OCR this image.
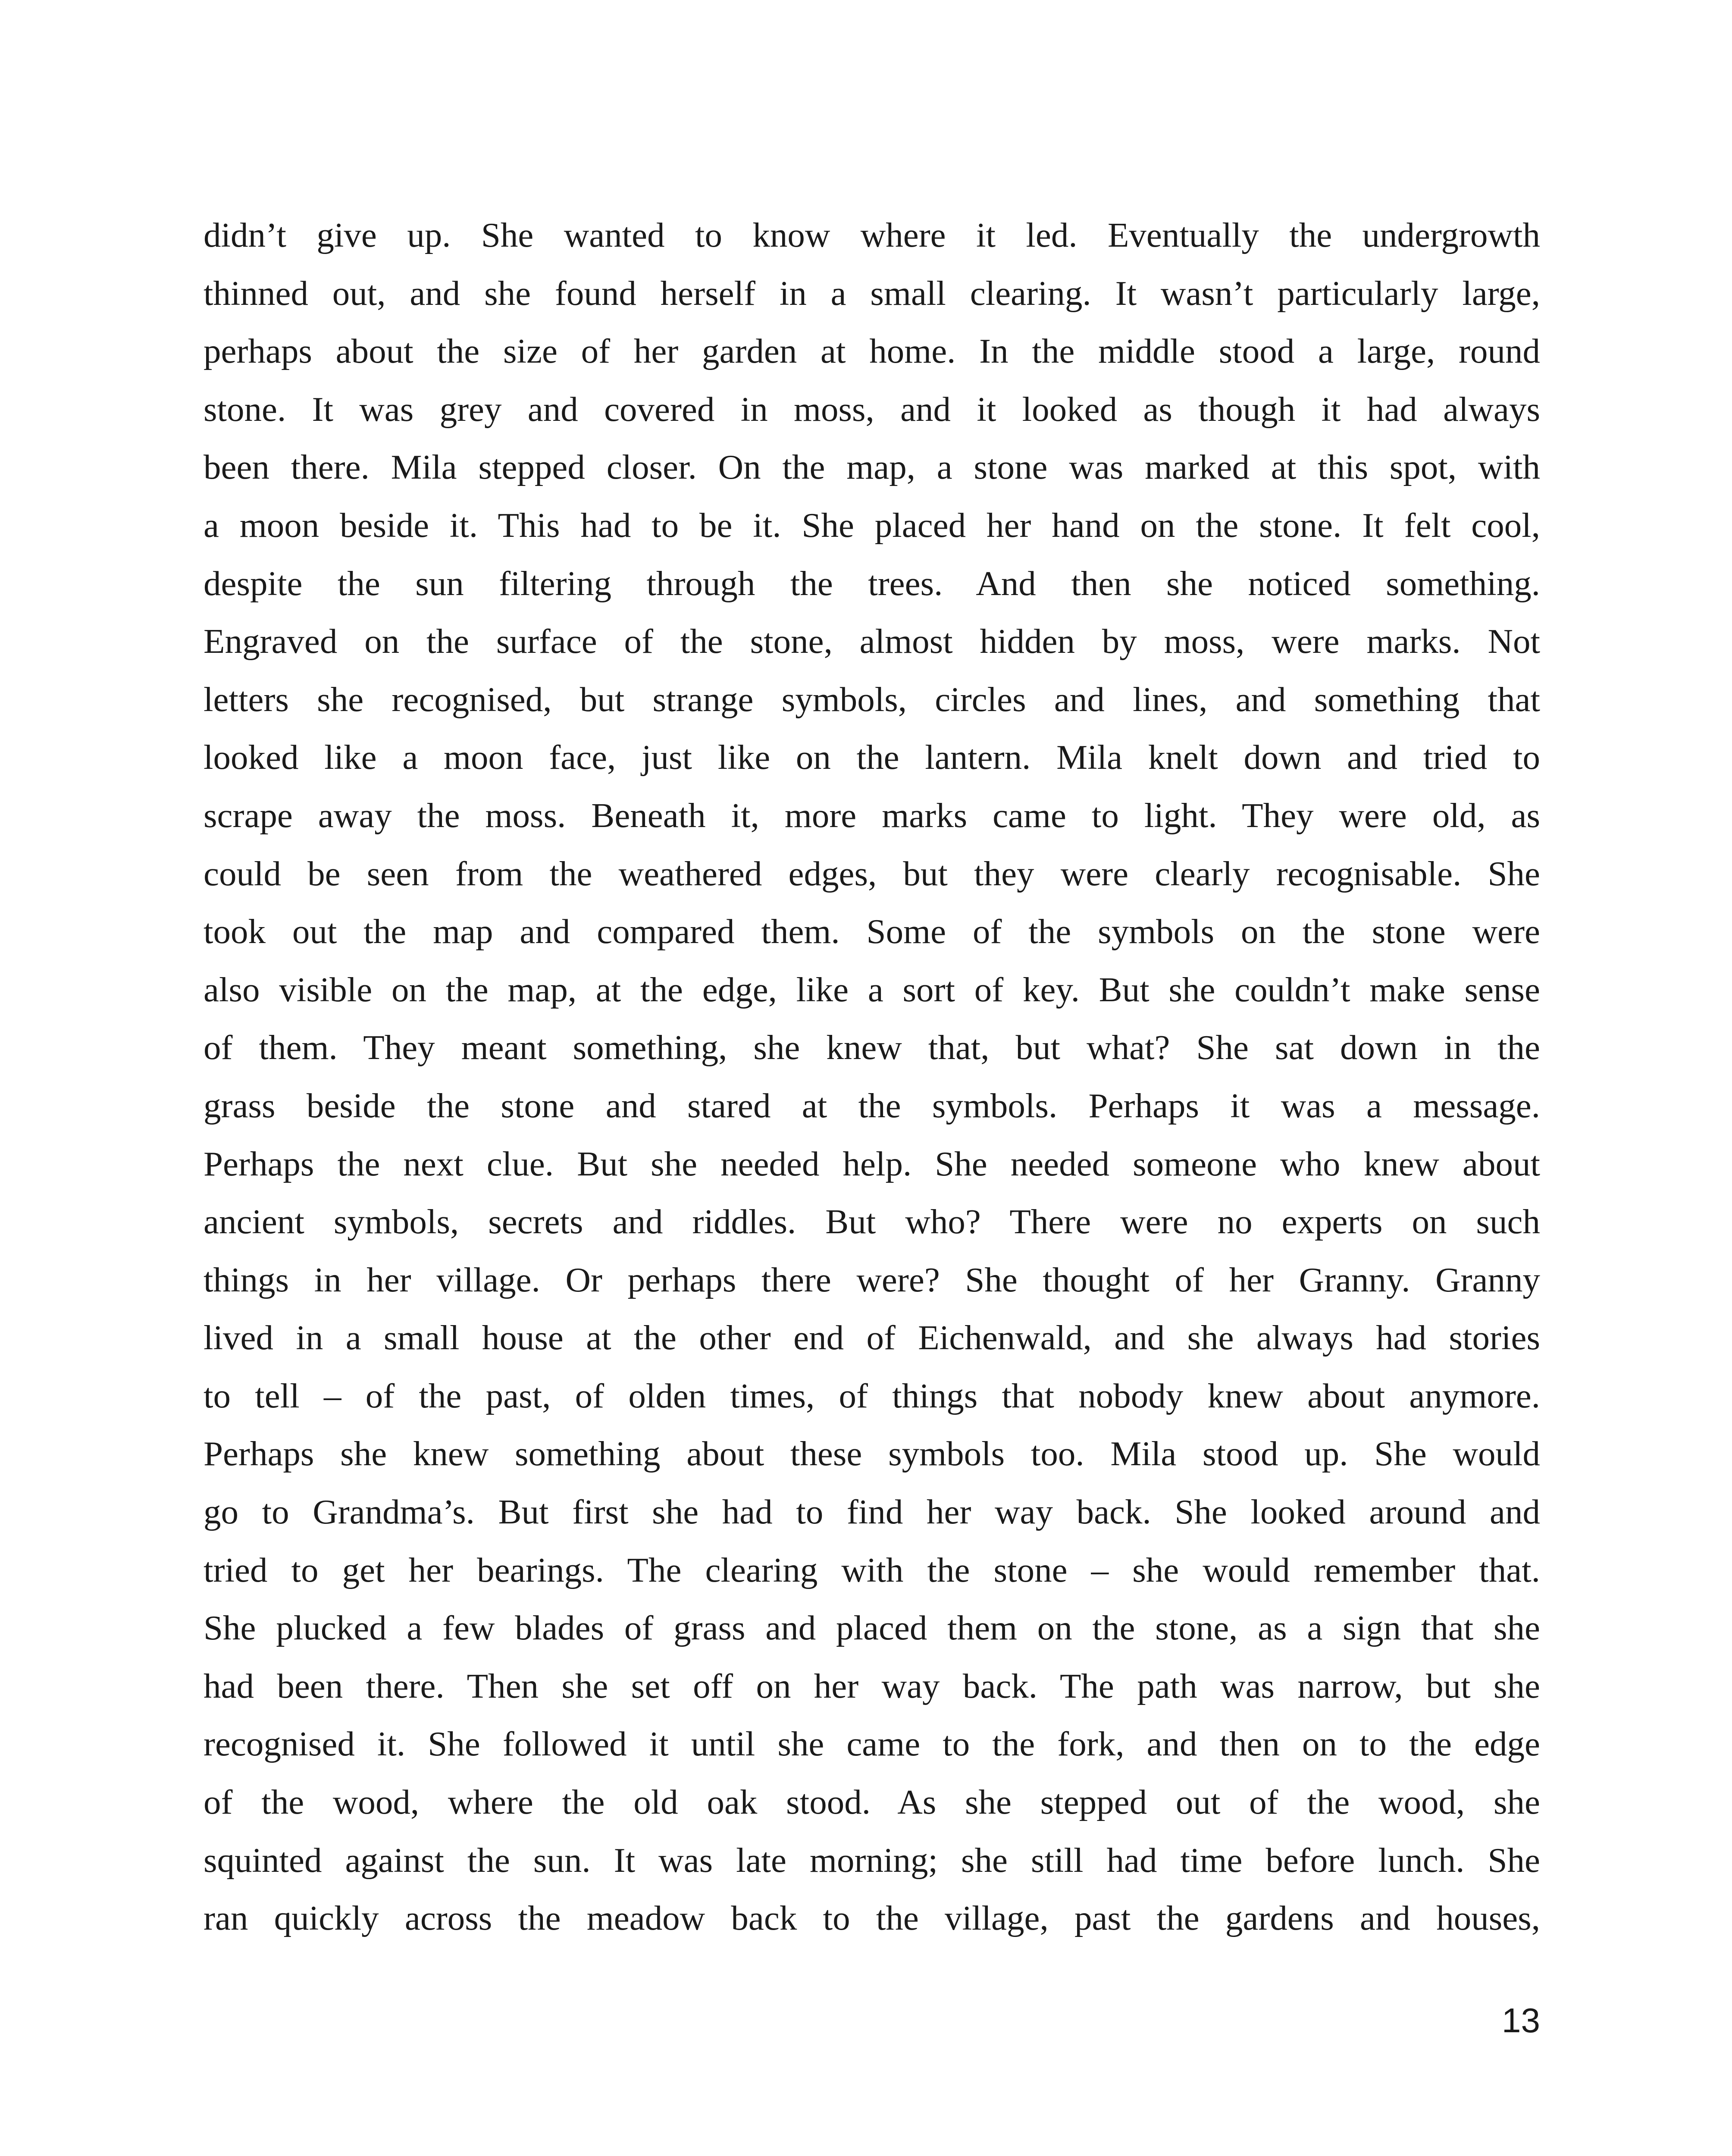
didn’t give up. She wanted to know where it led. Eventually the undergrowth
thinned out, and she found herself in a small clearing. It wasn’t particularly large,
perhaps about the size of her garden at home. In the middle stood a large, round
stone. It was grey and covered in moss, and it looked as though it had always
been there. Mila stepped closer. On the map, a stone was marked at this spot, with
a moon beside it. This had to be it. She placed her hand on the stone. It felt cool,
despite the sun filtering through the trees. And then she noticed something.
Engraved on the surface of the stone, almost hidden by moss, were marks. Not
letters she recognised, but strange symbols, circles and lines, and something that
looked like a moon face, just like on the lantern. Mila knelt down and tried to
scrape away the moss. Beneath it, more marks came to light. They were old, as
could be seen from the weathered edges, but they were clearly recognisable. She
took out the map and compared them. Some of the symbols on the stone were
also visible on the map, at the edge, like a sort of key. But she couldn’t make sense
of them. They meant something, she knew that, but what? She sat down in the
grass beside the stone and stared at the symbols. Perhaps it was a message.
Perhaps the next clue. But she needed help. She needed someone who knew about
ancient symbols, secrets and riddles. But who? There were no experts on such
things in her village. Or perhaps there were? She thought of her Granny. Granny
lived in a small house at the other end of Eichenwald, and she always had stories
to tell – of the past, of olden times, of things that nobody knew about anymore.
Perhaps she knew something about these symbols too. Mila stood up. She would
go to Grandma’s. But first she had to find her way back. She looked around and
tried to get her bearings. The clearing with the stone – she would remember that.
She plucked a few blades of grass and placed them on the stone, as a sign that she
had been there. Then she set off on her way back. The path was narrow, but she
recognised it. She followed it until she came to the fork, and then on to the edge
of the wood, where the old oak stood. As she stepped out of the wood, she
squinted against the sun. It was late morning; she still had time before lunch. She
ran quickly across the meadow back to the village, past the gardens and houses,
13
